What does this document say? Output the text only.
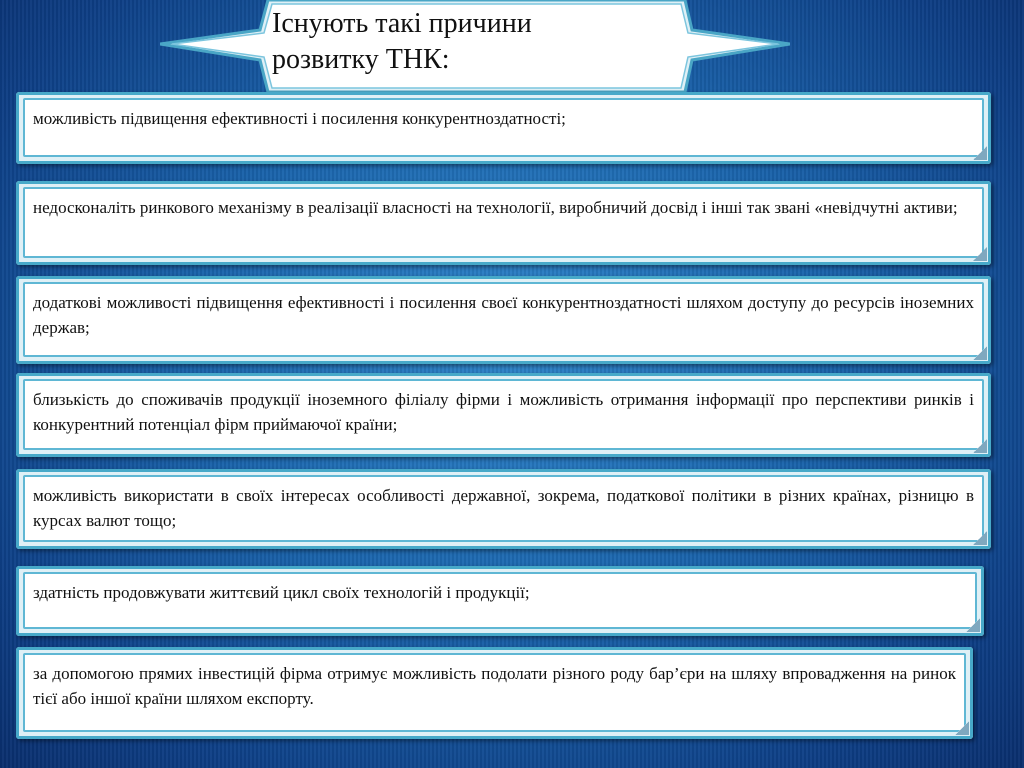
Існують такі причини
розвитку ТНК:
можливість підвищення ефективності і посилення конкурентноздатності;
недосконаліть ринкового механізму в реалізації власності на технології, виробничий досвід і інші так звані «невідчутні активи;
додаткові можливості підвищення ефективності і посилення своєї конкурентноздатності шляхом доступу до ресурсів іноземних держав;
близькість до споживачів продукції іноземного філіалу фірми і можливість отримання інформації про перспективи ринків і конкурентний потенціал фірм приймаючої країни;
можливість використати в своїх інтересах особливості державної, зокрема, податкової політики в різних країнах, різницю в курсах валют тощо;
здатність продовжувати життєвий цикл своїх технологій і продукції;
за допомогою прямих інвестицій фірма отримує можливість подолати різного роду бар’єри на шляху впровадження на ринок тієї або іншої країни шляхом експорту.
